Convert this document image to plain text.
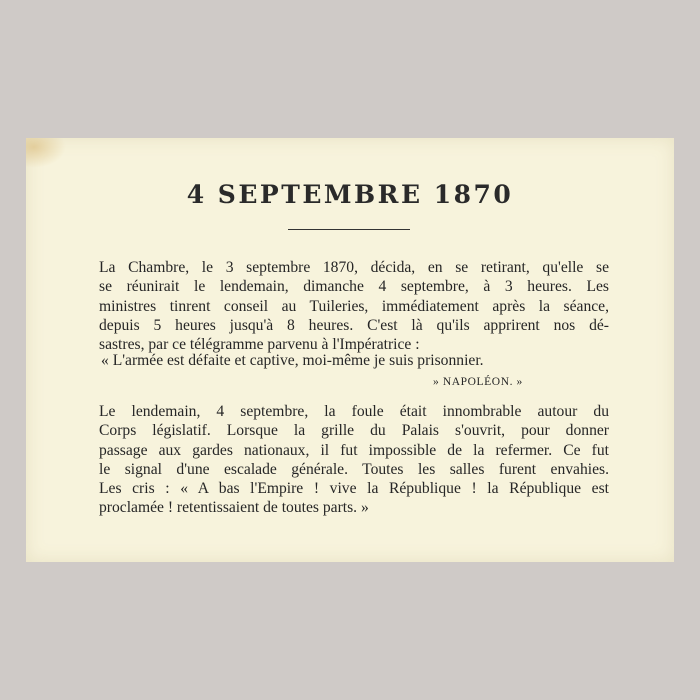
4 SEPTEMBRE 1870
La Chambre, le 3 septembre 1870, décida, en se retirant, qu'elle se
se réunirait le lendemain, dimanche 4 septembre, à 3 heures. Les
ministres tinrent conseil au Tuileries, immédiatement après la séance,
depuis 5 heures jusqu'à 8 heures. C'est là qu'ils apprirent nos dé-
sastres, par ce télégramme parvenu à l'Impératrice :
« L'armée est défaite et captive, moi-même je suis prisonnier.
» NAPOLÉON. »
Le lendemain, 4 septembre, la foule était innombrable autour du
Corps législatif. Lorsque la grille du Palais s'ouvrit, pour donner
passage aux gardes nationaux, il fut impossible de la refermer. Ce fut
le signal d'une escalade générale. Toutes les salles furent envahies.
Les cris : « A bas l'Empire ! vive la République ! la République est
proclamée ! retentissaient de toutes parts. »
